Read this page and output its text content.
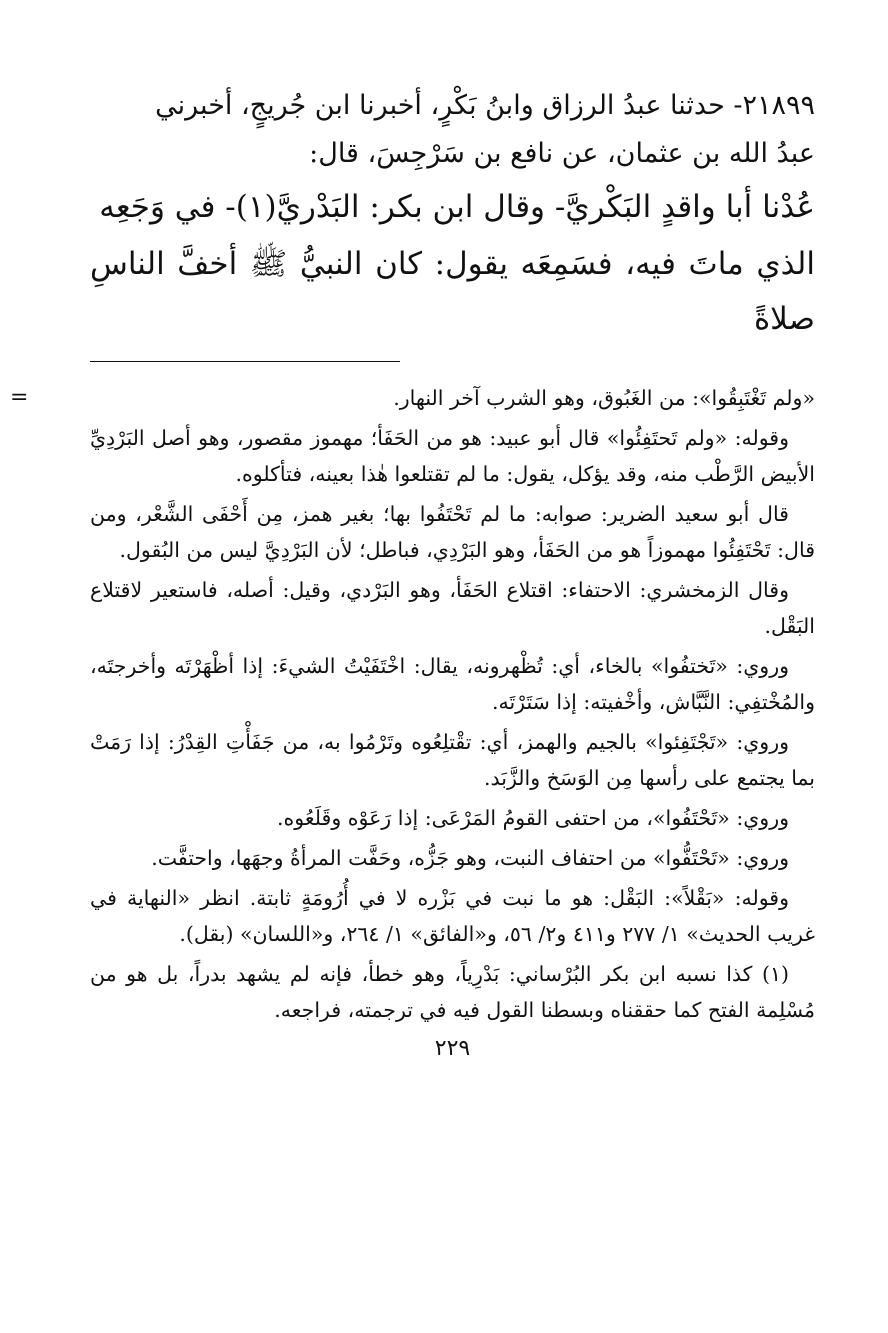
٢١٨٩٩- حدثنا عبدُ الرزاق وابنُ بَكْرٍ، أخبرنا ابن جُريجٍ، أخبرني
عبدُ الله بن عثمان، عن نافع بن سَرْجِسَ، قال:
عُدْنا أبا واقدٍ البَكْريَّ- وقال ابن بكر: البَدْريَّ(١)- في وَجَعِه
الذي ماتَ فيه، فسَمِعَه يقول: كان النبيُّ ﷺ أخفَّ الناسِ صلاةً
=	«ولم تَغْتَبِقُوا»: من الغَبُوق، وهو الشرب آخر النهار.

وقوله: «ولم تَحتَفِئُوا» قال أبو عبيد: هو من الحَفَأ؛ مهموز مقصور، وهو أصل البَرْدِيِّ الأبيض الرَّطْب منه، وقد يؤكل، يقول: ما لم تقتلعوا هٰذا بعينه، فتأكلوه.

قال أبو سعيد الضرير: صوابه: ما لم تَحْتَفُوا بها؛ بغير همز، مِن أَحْفَى الشَّعْر، ومن قال: تَحْتَفِئُوا مهموزاً هو من الحَفَأ، وهو البَرْدِي، فباطل؛ لأن البَرْدِيَّ ليس من البُقول.

وقال الزمخشري: الاحتفاء: اقتلاع الحَفَأ، وهو البَرْدي، وقيل: أصله، فاستعير لاقتلاع البَقْل.

وروي: «تَختفُوا» بالخاء، أي: تُظْهرونه، يقال: اخْتَفَيْتُ الشيءَ: إذا أظْهَرْتَه وأخرجتَه، والمُخْتفِي: النَّبَّاش، وأخْفيته: إذا سَتَرْتَه.

وروي: «تَجْتَفِئوا» بالجيم والهمز، أي: تقْتلِعُوه وتَرْمُوا به، من جَفَأْتِ القِدْرُ: إذا رَمَتْ بما يجتمع على رأسها مِن الوَسَخ والزَّبَد.

وروي: «تَحْتَفُوا»، من احتفى القومُ المَرْعَى: إذا رَعَوْه وقَلَعُوه.

وروي: «تَحْتَفُّوا» من احتفاف النبت، وهو جَزُّه، وحَفَّت المرأةُ وجهَها، واحتفَّت.

وقوله: «بَقْلاً»: البَقْل: هو ما نبت في بَزْره لا في أُرُومَةٍ ثابتة. انظر «النهاية في غريب الحديث» ١/ ٢٧٧ و٤١١ و٢/ ٥٦، و«الفائق» ١/ ٢٦٤، و«اللسان» (بقل).

(١) كذا نسبه ابن بكر البُرْساني: بَدْرِياً، وهو خطأ، فإنه لم يشهد بدراً، بل هو من مُسْلِمة الفتح كما حققناه وبسطنا القول فيه في ترجمته، فراجعه.

٢٢٩
